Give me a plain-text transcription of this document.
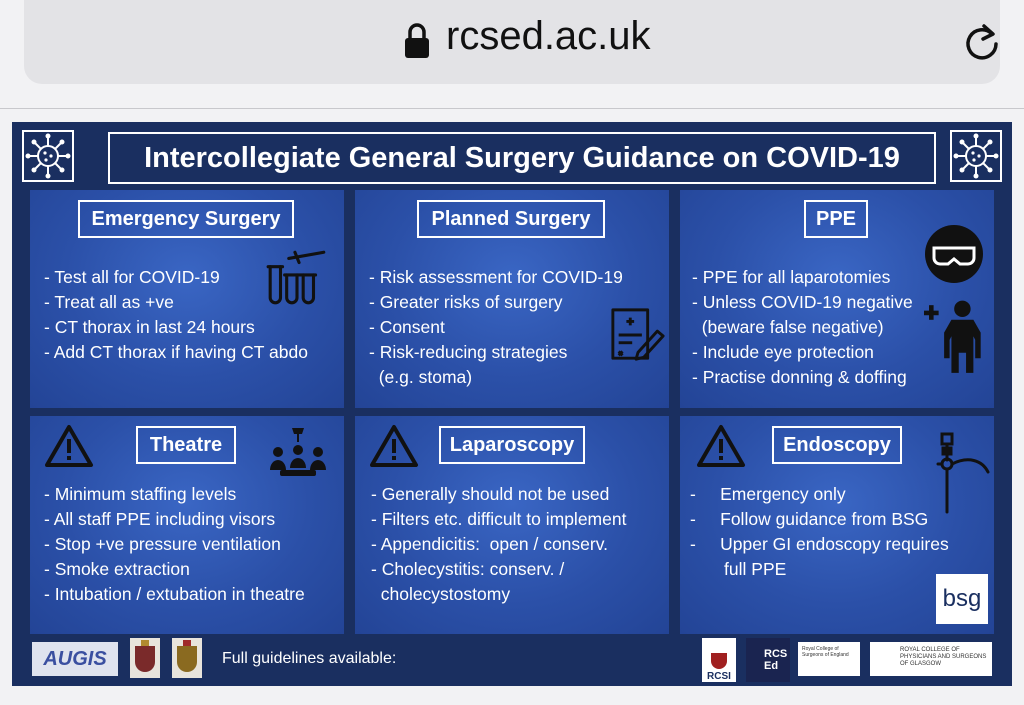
rcsed.ac.uk
Intercollegiate General Surgery Guidance on COVID-19
Emergency Surgery
- Test all for COVID-19
- Treat all as +ve
- CT thorax in last 24 hours
- Add CT thorax if having CT abdo
Planned Surgery
- Risk assessment for COVID-19
- Greater risks of surgery
- Consent
- Risk-reducing strategies
(e.g. stoma)
PPE
- PPE for all laparotomies
- Unless COVID-19 negative
(beware false negative)
- Include eye protection
- Practise donning & doffing
Theatre
- Minimum staffing levels
- All staff PPE including visors
- Stop +ve pressure ventilation
- Smoke extraction
- Intubation / extubation in theatre
Laparoscopy
- Generally should not be used
- Filters etc. difficult to implement
- Appendicitis:  open / conserv.
- Cholecystitis: conserv. /
cholecystostomy
Endoscopy
-     Emergency only
-     Follow guidance from BSG
-     Upper GI endoscopy requires
full PPE
bsg
AUGIS	Full guidelines available:
RCSI
RCS
Ed
Royal College of Surgeons of England
ROYAL COLLEGE OF PHYSICIANS AND SURGEONS OF GLASGOW
